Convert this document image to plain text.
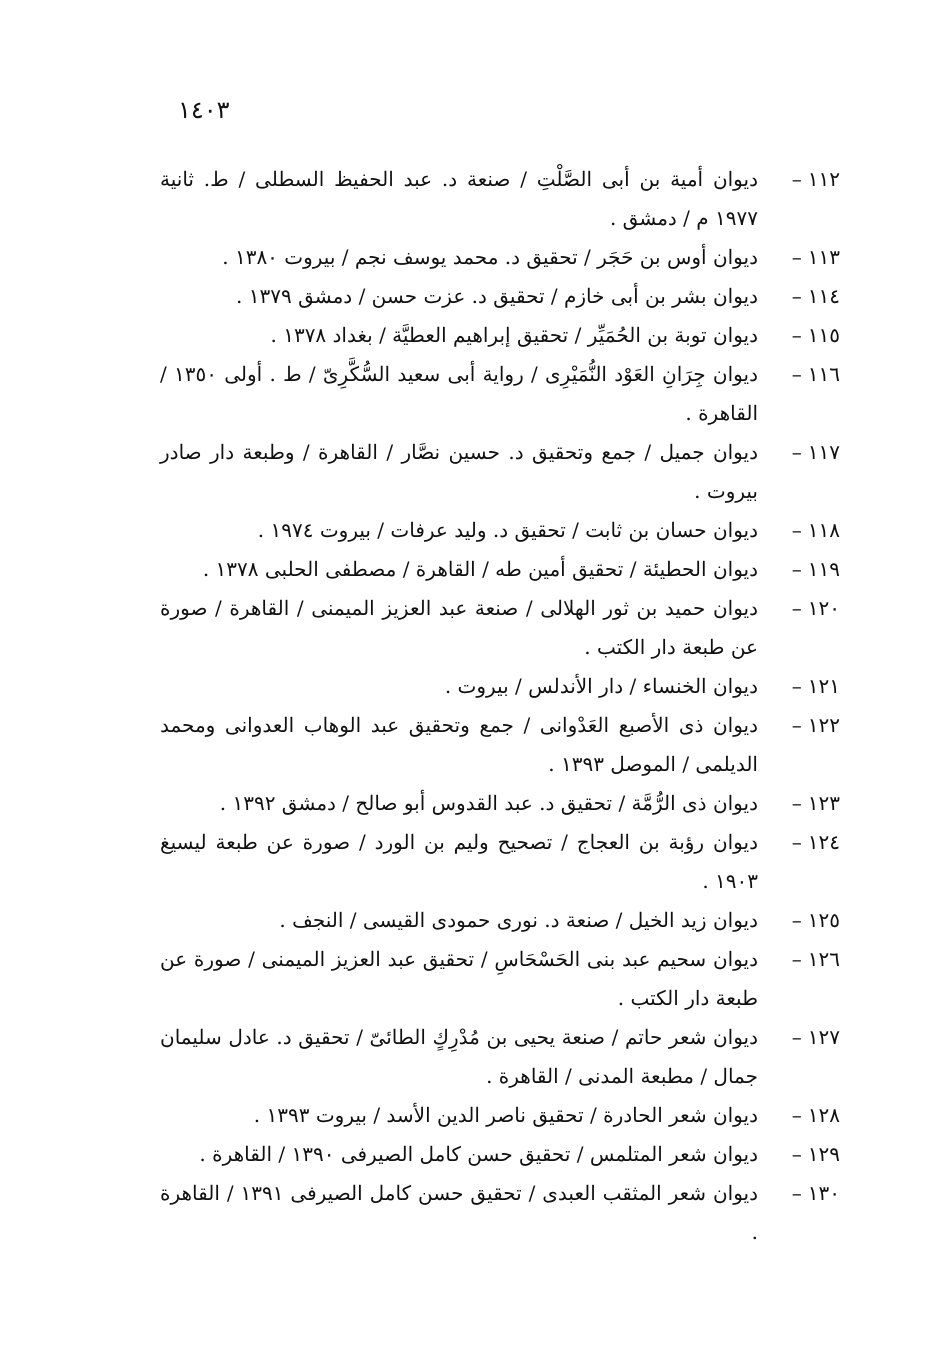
١٤٠٣
١١٢–
ديوان أمية بن أبى الصَّلْتِ / صنعة د. عبد الحفيظ السطلى / ط. ثانية ١٩٧٧ م / دمشق .
١١٣–
ديوان أوس بن حَجَر / تحقيق د. محمد يوسف نجم / بيروت ١٣٨٠ .
١١٤–
ديوان بشر بن أبى خازم / تحقيق د. عزت حسن / دمشق ١٣٧٩ .
١١٥–
ديوان توبة بن الحُمَيِّر / تحقيق إبراهيم العطيَّة / بغداد ١٣٧٨ .
١١٦–
ديوان جِرَانِ العَوْد النُّمَيْرِى / رواية أبى سعيد السُّكَّرِىّ / ط . أولى ١٣٥٠ / القاهرة .
١١٧–
ديوان جميل / جمع وتحقيق د. حسين نصَّار / القاهرة / وطبعة دار صادر بيروت .
١١٨–
ديوان حسان بن ثابت / تحقيق د. وليد عرفات / بيروت ١٩٧٤ .
١١٩–
ديوان الحطيئة / تحقيق أمين طه / القاهرة / مصطفى الحلبى ١٣٧٨ .
١٢٠–
ديوان حميد بن ثور الهلالى / صنعة عبد العزيز الميمنى / القاهرة / صورة عن طبعة دار الكتب .
١٢١–
ديوان الخنساء / دار الأندلس / بيروت .
١٢٢–
ديوان ذى الأصبع العَدْوانى / جمع وتحقيق عبد الوهاب العدوانى ومحمد الديلمى / الموصل ١٣٩٣ .
١٢٣–
ديوان ذى الرُّمَّة / تحقيق د. عبد القدوس أبو صالح / دمشق ١٣٩٢ .
١٢٤–
ديوان رؤبة بن العجاج / تصحيح وليم بن الورد / صورة عن طبعة ليسيغ ١٩٠٣ .
١٢٥–
ديوان زيد الخيل / صنعة د. نورى حمودى القيسى / النجف .
١٢٦–
ديوان سحيم عبد بنى الحَسْحَاسِ / تحقيق عبد العزيز الميمنى / صورة عن طبعة دار الكتب .
١٢٧–
ديوان شعر حاتم / صنعة يحيى بن مُدْرِكٍ الطائىّ / تحقيق د. عادل سليمان جمال / مطبعة المدنى / القاهرة .
١٢٨–
ديوان شعر الحادرة / تحقيق ناصر الدين الأسد / بيروت ١٣٩٣ .
١٢٩–
ديوان شعر المتلمس / تحقيق حسن كامل الصيرفى ١٣٩٠ / القاهرة .
١٣٠–
ديوان شعر المثقب العبدى / تحقيق حسن كامل الصيرفى ١٣٩١ / القاهرة .
